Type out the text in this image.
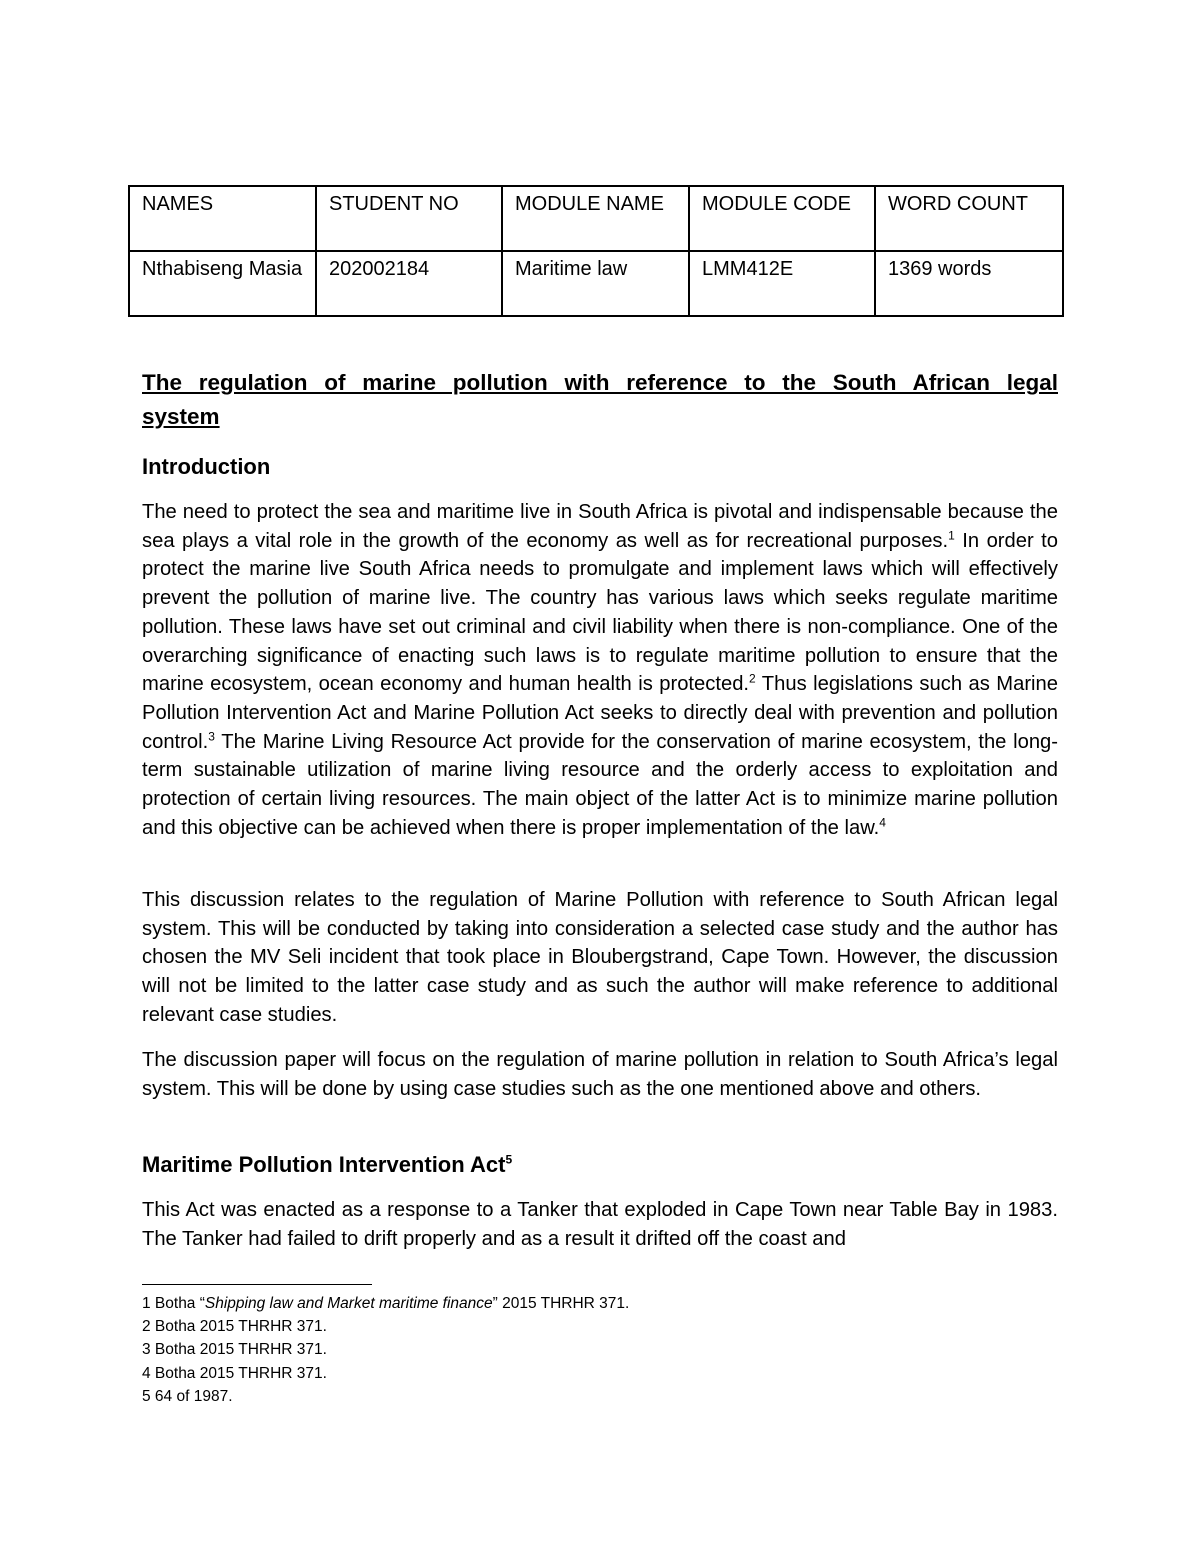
NAMES	STUDENT NO	MODULE NAME	MODULE CODE	WORD COUNT
Nthabiseng Masia	202002184	Maritime law	LMM412E	1369 words
The regulation of marine pollution with reference to the South African legal
system
Introduction

The need to protect the sea and maritime live in South Africa is pivotal and indispensable because the sea plays a vital role in the growth of the economy as well as for recreational purposes.$^1$ In order to protect the marine live South Africa needs to promulgate and implement laws which will effectively prevent the pollution of marine live. The country has various laws which seeks regulate maritime pollution. These laws have set out criminal and civil liability when there is non-compliance. One of the overarching significance of enacting such laws is to regulate maritime pollution to ensure that the marine ecosystem, ocean economy and human health is protected.$^2$ Thus legislations such as Marine Pollution Intervention Act and Marine Pollution Act seeks to directly deal with prevention and pollution control.$^3$ The Marine Living Resource Act provide for the conservation of marine ecosystem, the long-term sustainable utilization of marine living resource and the orderly access to exploitation and protection of certain living resources. The main object of the latter Act is to minimize marine pollution and this objective can be achieved when there is proper implementation of the law.$^4$

This discussion relates to the regulation of Marine Pollution with reference to South African legal system. This will be conducted by taking into consideration a selected case study and the author has chosen the MV Seli incident that took place in Bloubergstrand, Cape Town. However, the discussion will not be limited to the latter case study and as such the author will make reference to additional relevant case studies.

The discussion paper will focus on the regulation of marine pollution in relation to South Africa’s legal system. This will be done by using case studies such as the one mentioned above and others.

Maritime Pollution Intervention Act$^5$

This Act was enacted as a response to a Tanker that exploded in Cape Town near Table Bay in 1983. The Tanker had failed to drift properly and as a result it drifted off the coast and

1 Botha “Shipping law and Market maritime finance” 2015 THRHR 371.
2 Botha 2015 THRHR 371.
3 Botha 2015 THRHR 371.
4 Botha 2015 THRHR 371.
5 64 of 1987.
